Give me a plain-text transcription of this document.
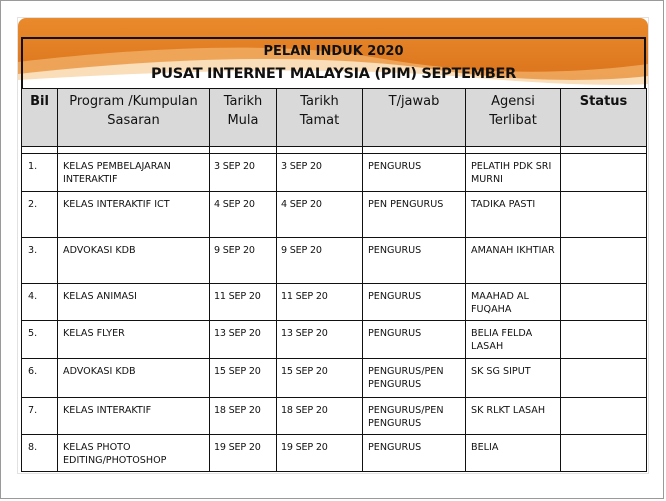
PELAN INDUK 2020
PUSAT INTERNET MALAYSIA (PIM) SEPTEMBER
Bil	Program /Kumpulan Sasaran	Tarikh Mula	Tarikh Tamat	T/jawab	Agensi Terlibat	Status

1.	KELAS PEMBELAJARAN INTERAKTIF	3 SEP 20	3 SEP 20	PENGURUS	PELATIH PDK SRI MURNI	
2.	KELAS INTERAKTIF ICT	4 SEP 20	4 SEP 20	PEN PENGURUS	TADIKA PASTI	
3.	ADVOKASI KDB	9 SEP 20	9 SEP 20	PENGURUS	AMANAH IKHTIAR	
4.	KELAS ANIMASI	11 SEP 20	11 SEP 20	PENGURUS	MAAHAD AL FUQAHA	
5.	KELAS FLYER	13 SEP 20	13 SEP 20	PENGURUS	BELIA FELDA LASAH	
6.	ADVOKASI KDB	15 SEP 20	15 SEP 20	PENGURUS/PEN PENGURUS	SK SG SIPUT	
7.	KELAS INTERAKTIF	18 SEP 20	18 SEP 20	PENGURUS/PEN PENGURUS	SK RLKT LASAH	
8.	KELAS PHOTO EDITING/PHOTOSHOP	19 SEP 20	19 SEP 20	PENGURUS	BELIA	
